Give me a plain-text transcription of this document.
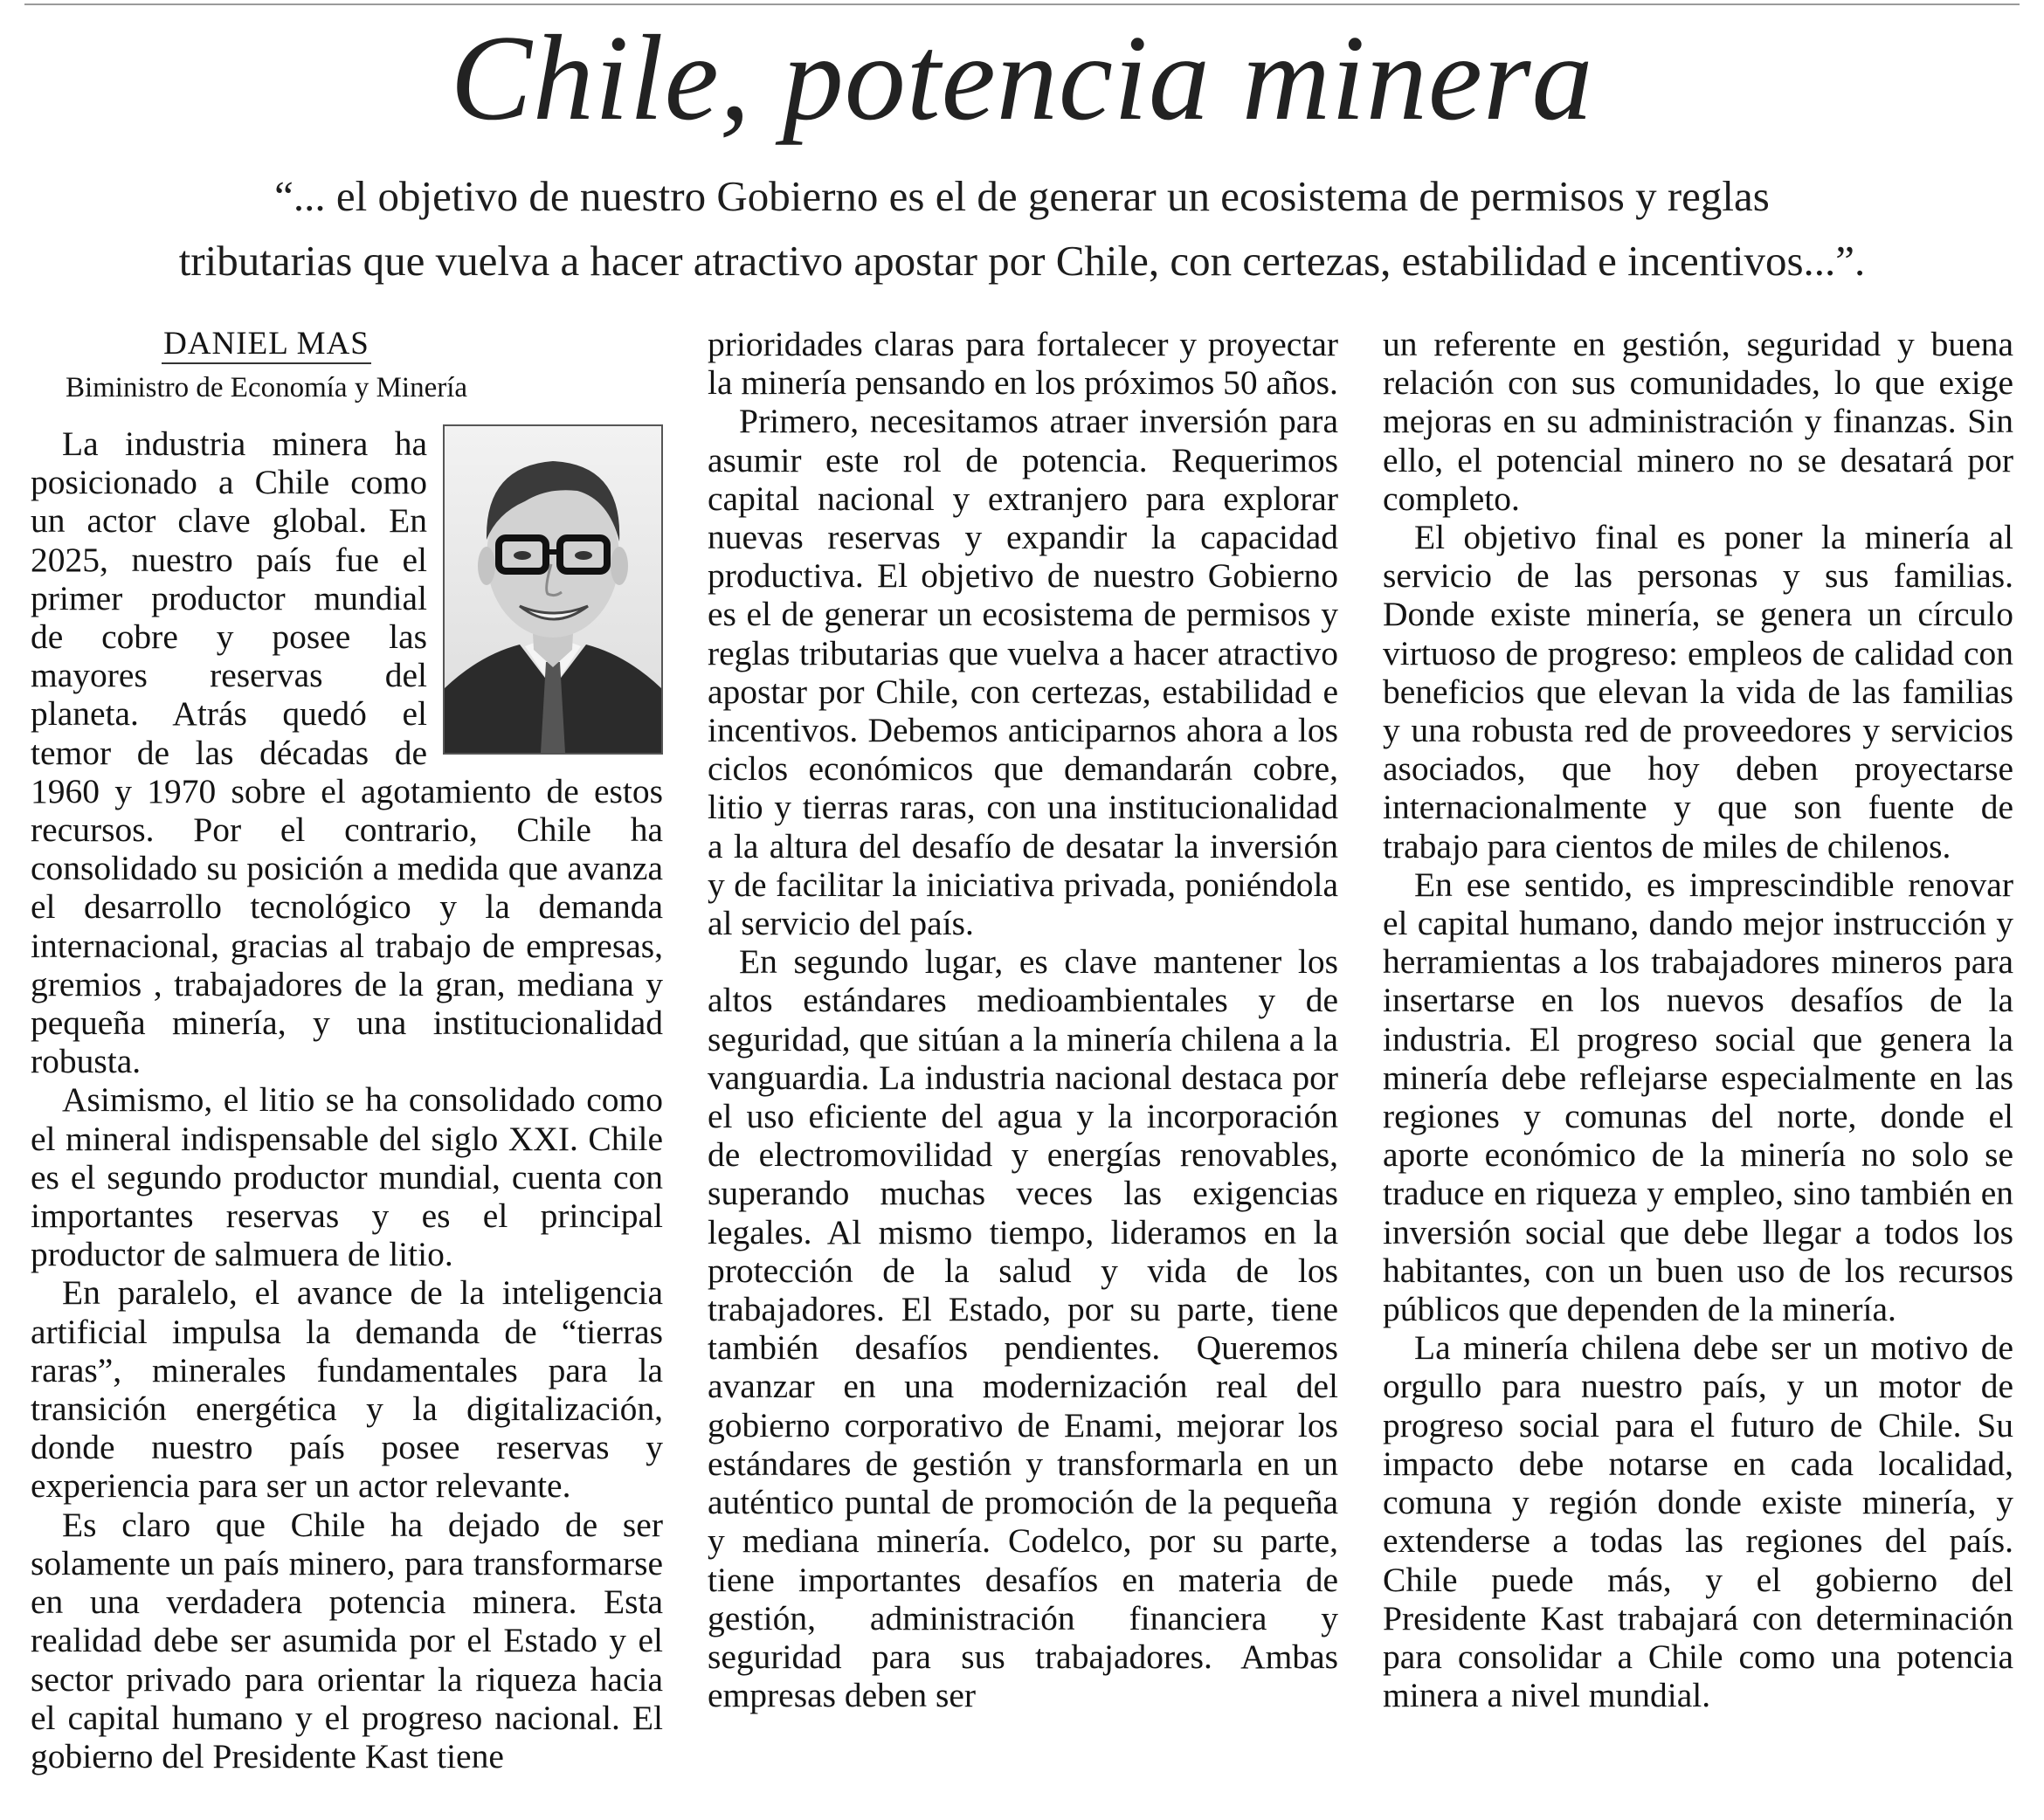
Chile, potencia minera
“... el objetivo de nuestro Gobierno es el de generar un ecosistema de permisos y reglas
tributarias que vuelva a hacer atractivo apostar por Chile, con certezas, estabilidad e incentivos...”.
DANIEL MAS
Biministro de Economía y Minería

La industria minera ha posicionado a Chile como un actor clave global. En 2025, nuestro país fue el primer productor mundial de cobre y posee las mayores reservas del planeta. Atrás quedó el temor de las décadas de 1960 y 1970 sobre el agotamiento de estos recursos. Por el contrario, Chile ha consolidado su posición a medida que avanza el desarrollo tecnológico y la demanda internacional, gracias al trabajo de empresas, gremios , trabajadores de la gran, mediana y pequeña minería, y una institucionalidad robusta.

Asimismo, el litio se ha consolidado como el mineral indispensable del siglo XXI. Chile es el segundo productor mundial, cuenta con importantes reservas y es el principal productor de salmuera de litio.

En paralelo, el avance de la inteligencia artificial impulsa la demanda de “tierras raras”, minerales fundamentales para la transición energética y la digitalización, donde nuestro país posee reservas y experiencia para ser un actor relevante.

Es claro que Chile ha dejado de ser solamente un país minero, para transformarse en una verdadera potencia minera. Esta realidad debe ser asumida por el Estado y el sector privado para orientar la riqueza hacia el capital humano y el progreso nacional. El gobierno del Presidente Kast tiene

prioridades claras para fortalecer y proyectar la minería pensando en los próximos 50 años.

Primero, necesitamos atraer inversión para asumir este rol de potencia. Requerimos capital nacional y extranjero para explorar nuevas reservas y expandir la capacidad productiva. El objetivo de nuestro Gobierno es el de generar un ecosistema de permisos y reglas tributarias que vuelva a hacer atractivo apostar por Chile, con certezas, estabilidad e incentivos. Debemos anticiparnos ahora a los ciclos económicos que demandarán cobre, litio y tierras raras, con una institucionalidad a la altura del desafío de desatar la inversión y de facilitar la iniciativa privada, poniéndola al servicio del país.

En segundo lugar, es clave mantener los altos estándares medioambientales y de seguridad, que sitúan a la minería chilena a la vanguardia. La industria nacional destaca por el uso eficiente del agua y la incorporación de electromovilidad y energías renovables, superando muchas veces las exigencias legales. Al mismo tiempo, lideramos en la protección de la salud y vida de los trabajadores. El Estado, por su parte, tiene también desafíos pendientes. Queremos avanzar en una modernización real del gobierno corporativo de Enami, mejorar los estándares de gestión y transformarla en un auténtico puntal de promoción de la pequeña y mediana minería. Codelco, por su parte, tiene importantes desafíos en materia de gestión, administración financiera y seguridad para sus trabajadores. Ambas empresas deben ser

un referente en gestión, seguridad y buena relación con sus comunidades, lo que exige mejoras en su administración y finanzas. Sin ello, el potencial minero no se desatará por completo.

El objetivo final es poner la minería al servicio de las personas y sus familias. Donde existe minería, se genera un círculo virtuoso de progreso: empleos de calidad con beneficios que elevan la vida de las familias y una robusta red de proveedores y servicios asociados, que hoy deben proyectarse internacionalmente y que son fuente de trabajo para cientos de miles de chilenos.

En ese sentido, es imprescindible renovar el capital humano, dando mejor instrucción y herramientas a los trabajadores mineros para insertarse en los nuevos desafíos de la industria. El progreso social que genera la minería debe reflejarse especialmente en las regiones y comunas del norte, donde el aporte económico de la minería no solo se traduce en riqueza y empleo, sino también en inversión social que debe llegar a todos los habitantes, con un buen uso de los recursos públicos que dependen de la minería.

La minería chilena debe ser un motivo de orgullo para nuestro país, y un motor de progreso social para el futuro de Chile. Su impacto debe notarse en cada localidad, comuna y región donde existe minería, y extenderse a todas las regiones del país. Chile puede más, y el gobierno del Presidente Kast trabajará con determinación para consolidar a Chile como una potencia minera a nivel mundial.
